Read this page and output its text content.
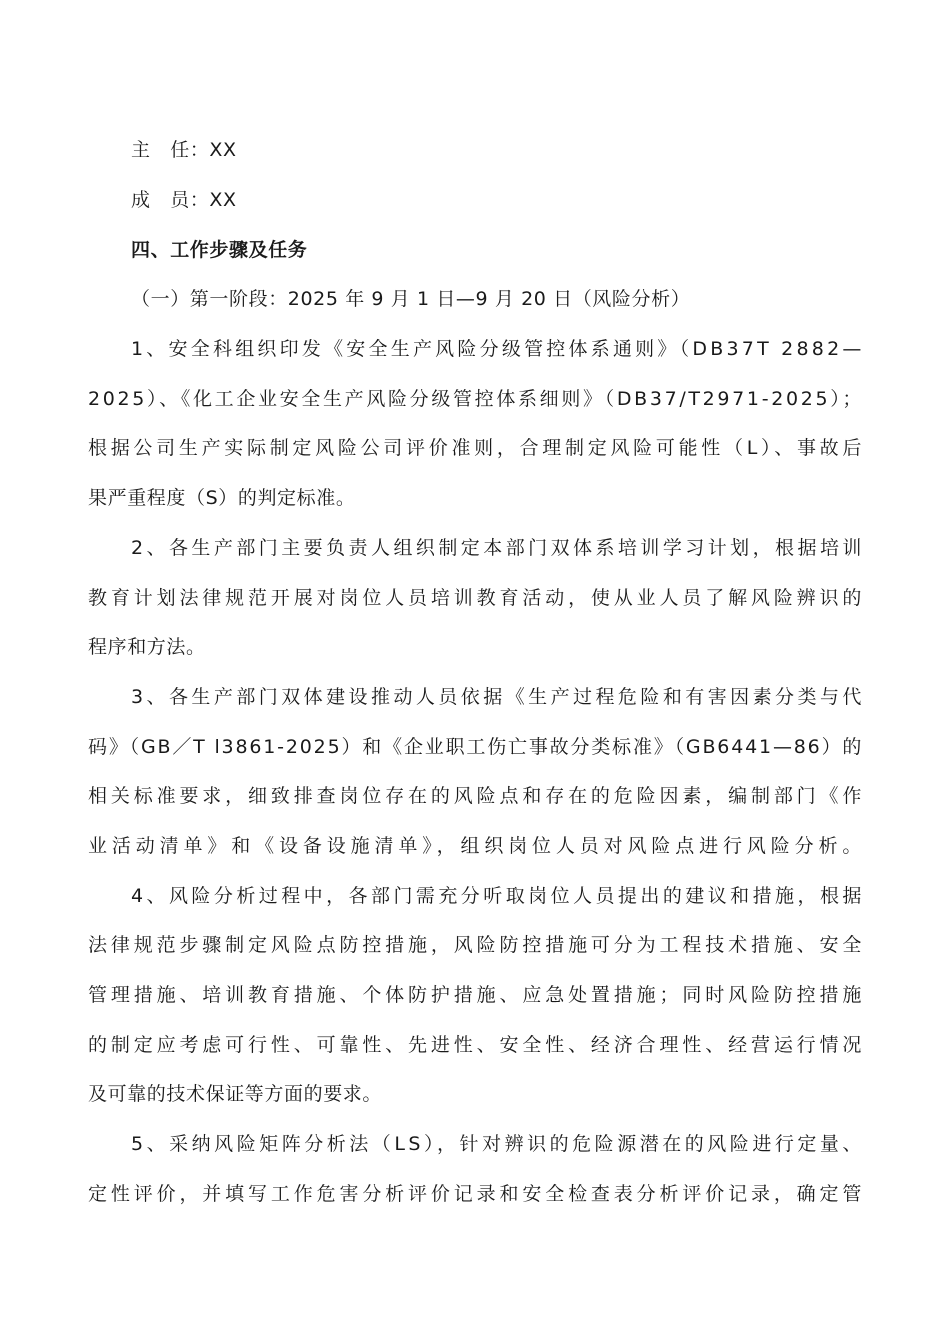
主　任：XX
成　员：XX
四、工作步骤及任务
（一）第一阶段：2025 年 9 月 1 日—9 月 20 日（风险分析）
1、安全科组织印发《安全生产风险分级管控体系通则》（DB37T 2882—
2025）、《化工企业安全生产风险分级管控体系细则》（DB37/T2971-2025）；
根据公司生产实际制定风险公司评价准则，合理制定风险可能性（L）、事故后
果严重程度（S）的判定标准。
2、各生产部门主要负责人组织制定本部门双体系培训学习计划，根据培训
教育计划法律规范开展对岗位人员培训教育活动，使从业人员了解风险辨识的
程序和方法。
3、各生产部门双体建设推动人员依据《生产过程危险和有害因素分类与代
码》（GB／T l3861-2025）和《企业职工伤亡事故分类标准》（GB6441—86）的
相关标准要求，细致排查岗位存在的风险点和存在的危险因素，编制部门《作
业活动清单》和《设备设施清单》，组织岗位人员对风险点进行风险分析。
4、风险分析过程中，各部门需充分听取岗位人员提出的建议和措施，根据
法律规范步骤制定风险点防控措施，风险防控措施可分为工程技术措施、安全
管理措施、培训教育措施、个体防护措施、应急处置措施；同时风险防控措施
的制定应考虑可行性、可靠性、先进性、安全性、经济合理性、经营运行情况
及可靠的技术保证等方面的要求。
5、采纳风险矩阵分析法（LS），针对辨识的危险源潜在的风险进行定量、
定性评价，并填写工作危害分析评价记录和安全检查表分析评价记录，确定管
